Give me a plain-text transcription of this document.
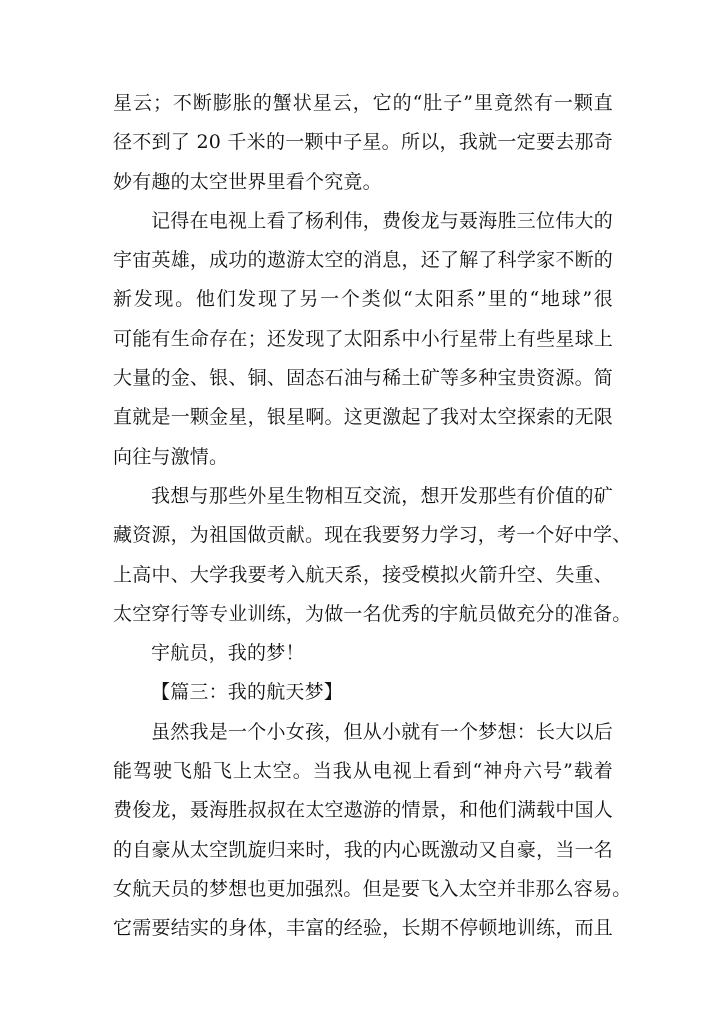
星云；不断膨胀的蟹状星云，它的“肚子”里竟然有一颗直
径不到了 20 千米的一颗中子星。所以，我就一定要去那奇
妙有趣的太空世界里看个究竟。
记得在电视上看了杨利伟，费俊龙与聂海胜三位伟大的
宇宙英雄，成功的遨游太空的消息，还了解了科学家不断的
新发现。他们发现了另一个类似“太阳系”里的“地球”很
可能有生命存在；还发现了太阳系中小行星带上有些星球上
大量的金、银、铜、固态石油与稀土矿等多种宝贵资源。简
直就是一颗金星，银星啊。这更激起了我对太空探索的无限
向往与激情。
我想与那些外星生物相互交流，想开发那些有价值的矿
藏资源，为祖国做贡献。现在我要努力学习，考一个好中学、
上高中、大学我要考入航天系，接受模拟火箭升空、失重、
太空穿行等专业训练，为做一名优秀的宇航员做充分的准备。
宇航员，我的梦！
【篇三：我的航天梦】
虽然我是一个小女孩，但从小就有一个梦想：长大以后
能驾驶飞船飞上太空。当我从电视上看到“神舟六号”载着
费俊龙，聂海胜叔叔在太空遨游的情景，和他们满载中国人
的自豪从太空凯旋归来时，我的内心既激动又自豪，当一名
女航天员的梦想也更加强烈。但是要飞入太空并非那么容易。
它需要结实的身体，丰富的经验，长期不停顿地训练，而且
